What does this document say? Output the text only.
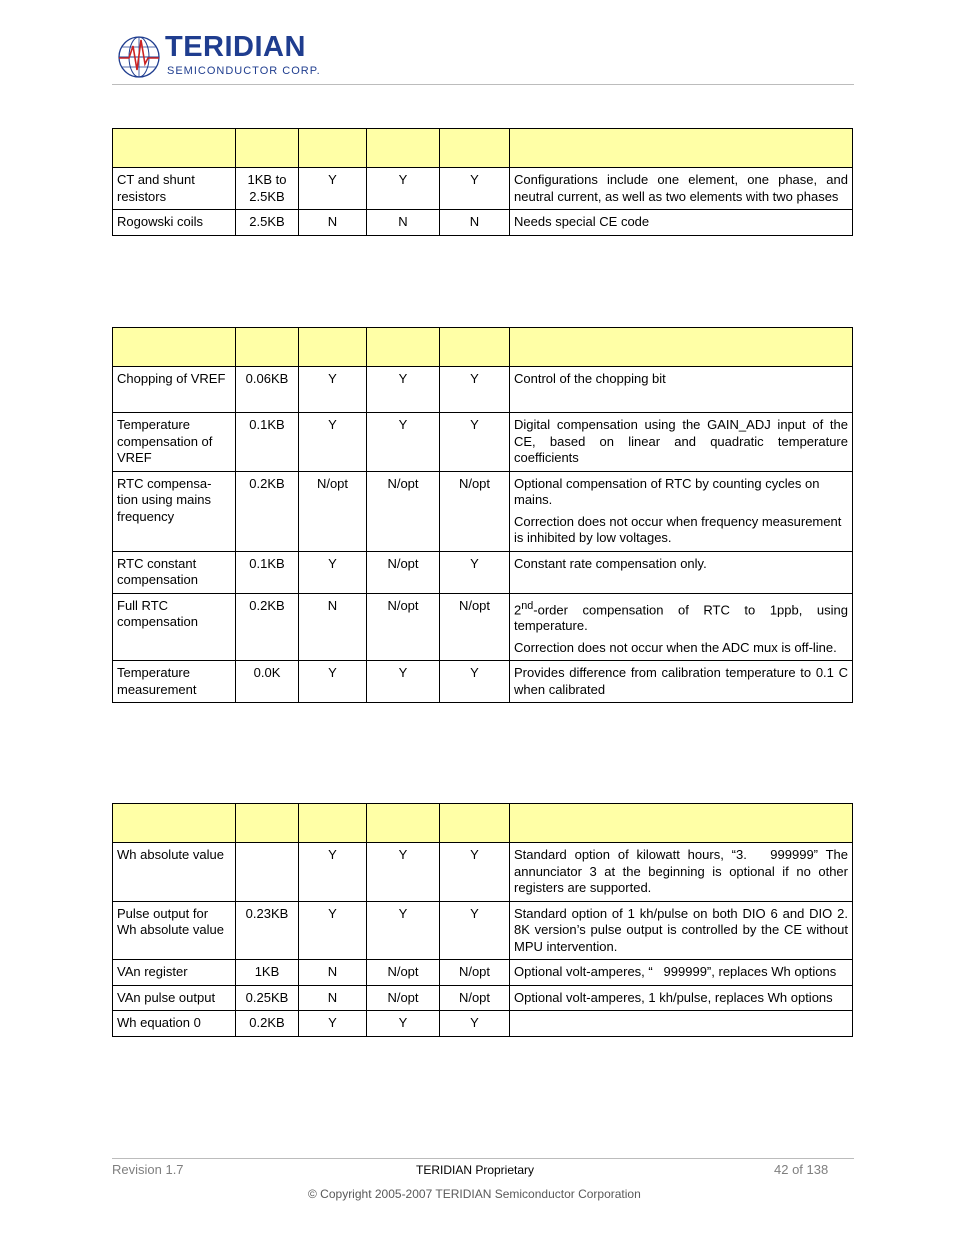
TERIDIAN
SEMICONDUCTOR CORP.

CT and shunt resistors	1KB to 2.5KB	Y	Y	Y	Configurations include one element, one phase, and neutral current, as well as two elements with two phases
Rogowski coils	2.5KB	N	N	N	Needs special CE code

Chopping of VREF	0.06KB	Y	Y	Y	Control of the chopping bit
Temperature compensation of VREF	0.1KB	Y	Y	Y	Digital compensation using the GAIN_ADJ input of the CE, based on linear and quadratic temperature coefficients
RTC compensa-tion using mains frequency	0.2KB	N/opt	N/opt	N/opt	Optional compensation of RTC by counting cycles on mains.

Correction does not occur when frequency measurement is inhibited by low voltages.

RTC constant compensation	0.1KB	Y	N/opt	Y	Constant rate compensation only.
Full RTC compensation	0.2KB	N	N/opt	N/opt	2nd-order compensation of RTC to 1ppb, using temperature.

Correction does not occur when the ADC mux is off-line.

Temperature measurement	0.0K	Y	Y	Y	Provides difference from calibration temperature to 0.1 C when calibrated

Wh absolute value		Y	Y	Y	Standard option of kilowatt hours, “3.   999999” The annunciator 3 at the beginning is optional if no other registers are supported.
Pulse output for Wh absolute value	0.23KB	Y	Y	Y	Standard option of 1 kh/pulse on both DIO 6 and DIO 2. 8K version’s pulse output is controlled by the CE without MPU intervention.
VAn register	1KB	N	N/opt	N/opt	Optional volt-amperes, “   999999”, replaces Wh options
VAn pulse output	0.25KB	N	N/opt	N/opt	Optional volt-amperes, 1 kh/pulse, replaces Wh options
Wh equation 0	0.2KB	Y	Y	Y	
Revision 1.7	TERIDIAN Proprietary	42 of 138
© Copyright 2005-2007 TERIDIAN Semiconductor Corporation
